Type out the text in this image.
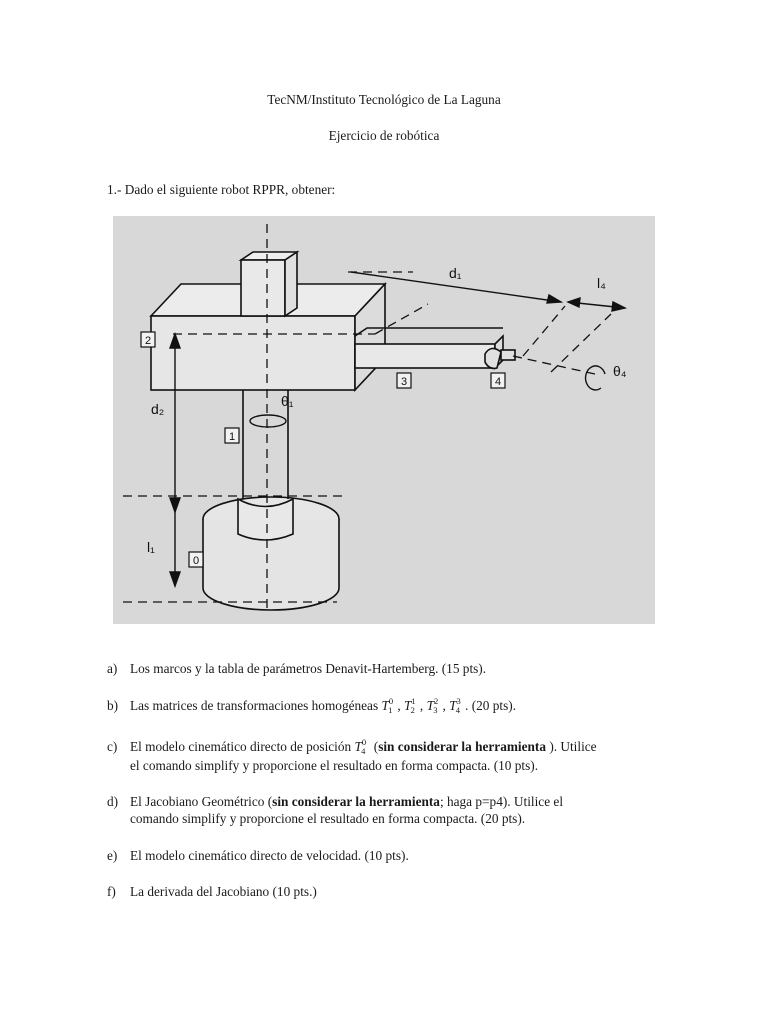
TecNM/Instituto Tecnológico de La Laguna
Ejercicio de robótica
1.- Dado el siguiente robot RPPR, obtener:
0
1
2
3	4
d₁
l₄
d₂
l₁
θ₁
θ₄
a) Los marcos y la tabla de parámetros Denavit-Hartemberg. (15 pts).
b) Las matrices de transformaciones homogéneas $T^0_1$ , $T^1_2$ , $T^2_3$ , $T^3_4$ . (20 pts).
c) El modelo cinemático directo de posición $T^0_4$ (sin considerar la herramienta ). Utilice
el comando simplify y proporcione el resultado en forma compacta. (10 pts).
d) El Jacobiano Geométrico (sin considerar la herramienta; haga p=p4). Utilice el
comando simplify y proporcione el resultado en forma compacta. (20 pts).
e) El modelo cinemático directo de velocidad. (10 pts).
f) La derivada del Jacobiano (10 pts.)
